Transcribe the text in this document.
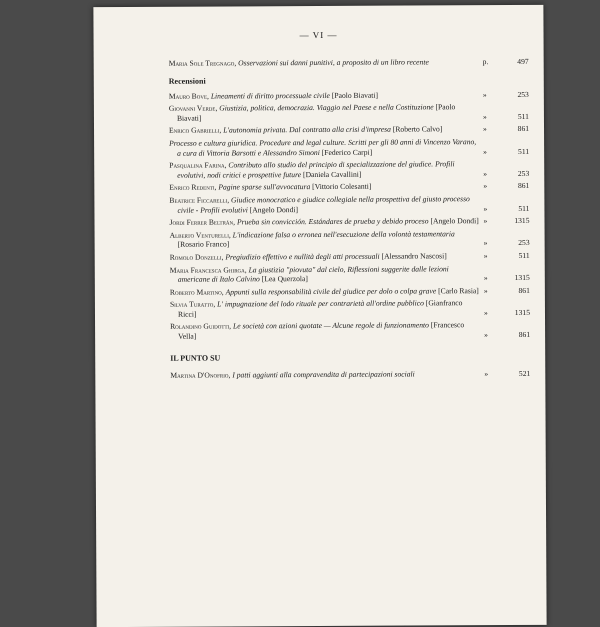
— VI —
Maria Sole Tregnago, Osservazioni sui danni punitivi, a proposito di un libro recente	p.	497
Recensioni
Mauro Bove, Lineamenti di diritto processuale civile [Paolo Biavati]	»	253
Giovanni Verde, Giustizia, politica, democrazia. Viaggio nel Paese e nella Costituzione [Paolo Biavati]	»	511
Enrico Gabrielli, L'autonomia privata. Dal contratto alla crisi d'impresa [Roberto Calvo]	»	861
Processo e cultura giuridica. Procedure and legal culture. Scritti per gli 80 anni di Vincenzo Varano, a cura di Vittoria Barsotti e Alessandro Simoni [Federico Carpi]	»	511
Pasqualina Farina, Contributo allo studio del principio di specializzazione del giudice. Profili evolutivi, nodi critici e prospettive future [Daniela Cavallini]	»	253
Enrico Redenti, Pagine sparse sull'avvocatura [Vittorio Colesanti]	»	861
Beatrice Ficcarelli, Giudice monocratico e giudice collegiale nella prospettiva del giusto processo civile - Profili evolutivi [Angelo Dondi]	»	511
Jordi Ferrer Beltrán, Prueba sin convicción. Estándares de prueba y debido proceso [Angelo Dondi] »	1315
Alberto Venturelli, L'indicazione falsa o erronea nell'esecuzione della volontà testamentaria [Rosario Franco]	»	253
Romolo Donzelli, Pregiudizio effettivo e nullità degli atti processuali [Alessandro Nascosi]	»	511
Maria Francesca Ghirga, La giustizia "piovuta" dal cielo, Riflessioni suggerite dalle lezioni americane di Italo Calvino [Lea Querzola]	»	1315
Roberto Martino, Appunti sulla responsabilità civile del giudice per dolo o colpa grave [Carlo Rasia] »	861
Silvia Turatto, L' impugnazione del lodo rituale per contrarietà all'ordine pubblico [Gianfranco Ricci]	»	1315
Rolandino Guidotti, Le società con azioni quotate — Alcune regole di funzionamento [Francesco Vella]	»	861
IL PUNTO SU
Martina D'Onofrio, I patti aggiunti alla compravendita di partecipazioni sociali	»	521
